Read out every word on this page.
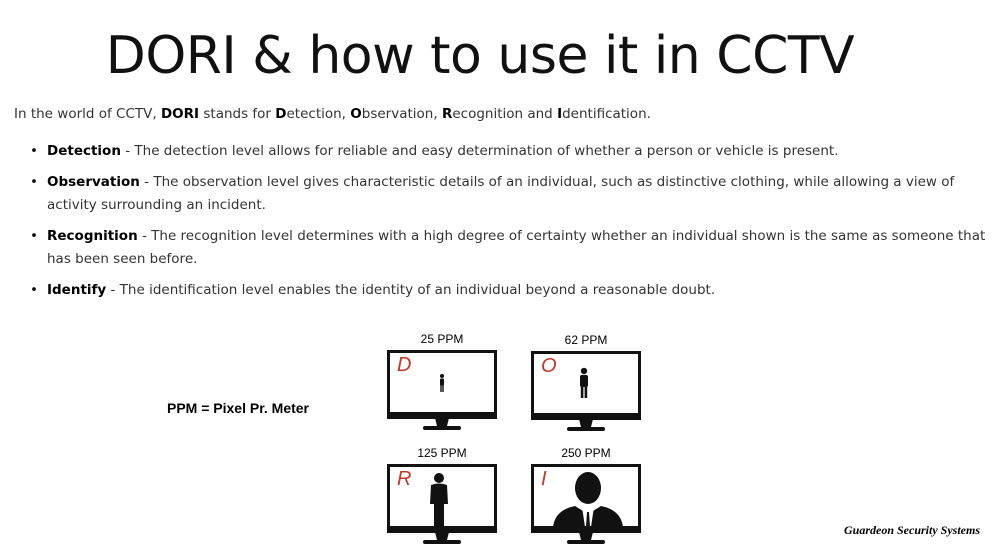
DORI & how to use it in CCTV
In the world of CCTV, DORI stands for Detection, Observation, Recognition and Identification.
• Detection - The detection level allows for reliable and easy determination of whether a person or vehicle is present.
• Observation - The observation level gives characteristic details of an individual, such as distinctive clothing, while allowing a view of activity surrounding an incident.
• Recognition - The recognition level determines with a high degree of certainty whether an individual shown is the same as someone that has been seen before.
• Identify - The identification level enables the identity of an individual beyond a reasonable doubt.
PPM = Pixel Pr. Meter
25 PPM
D
62 PPM
O
125 PPM
R
250 PPM
I
Guardeon Security Systems
